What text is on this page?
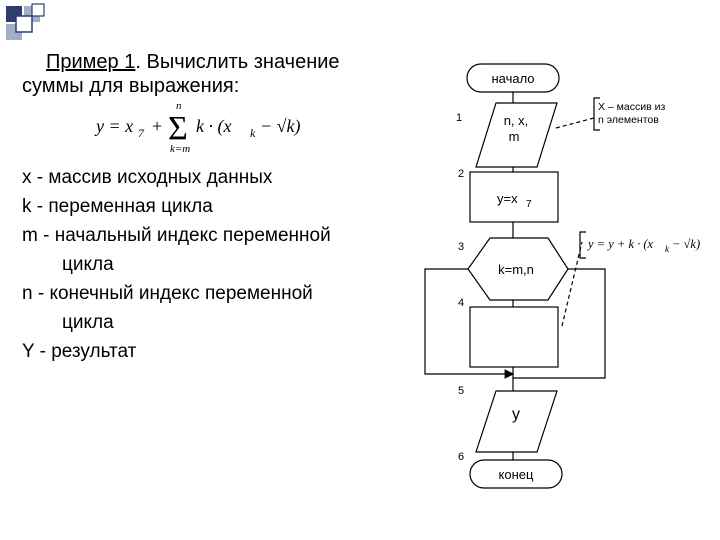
Пример 1. Вычислить значение
суммы для выражения:
y = x 7 +
n
k=m
Σ k · (x k − √k)
x - массив исходных данных
k - переменная цикла
m - начальный индекс переменной
цикла
n - конечный индекс переменной
цикла
Y - результат
начало
n, x,
m
y=x 7
k=m,n
y
конец
X – массив из
n элементов
1
2
3
4
5
6
y = y + k · (x k − √k)
